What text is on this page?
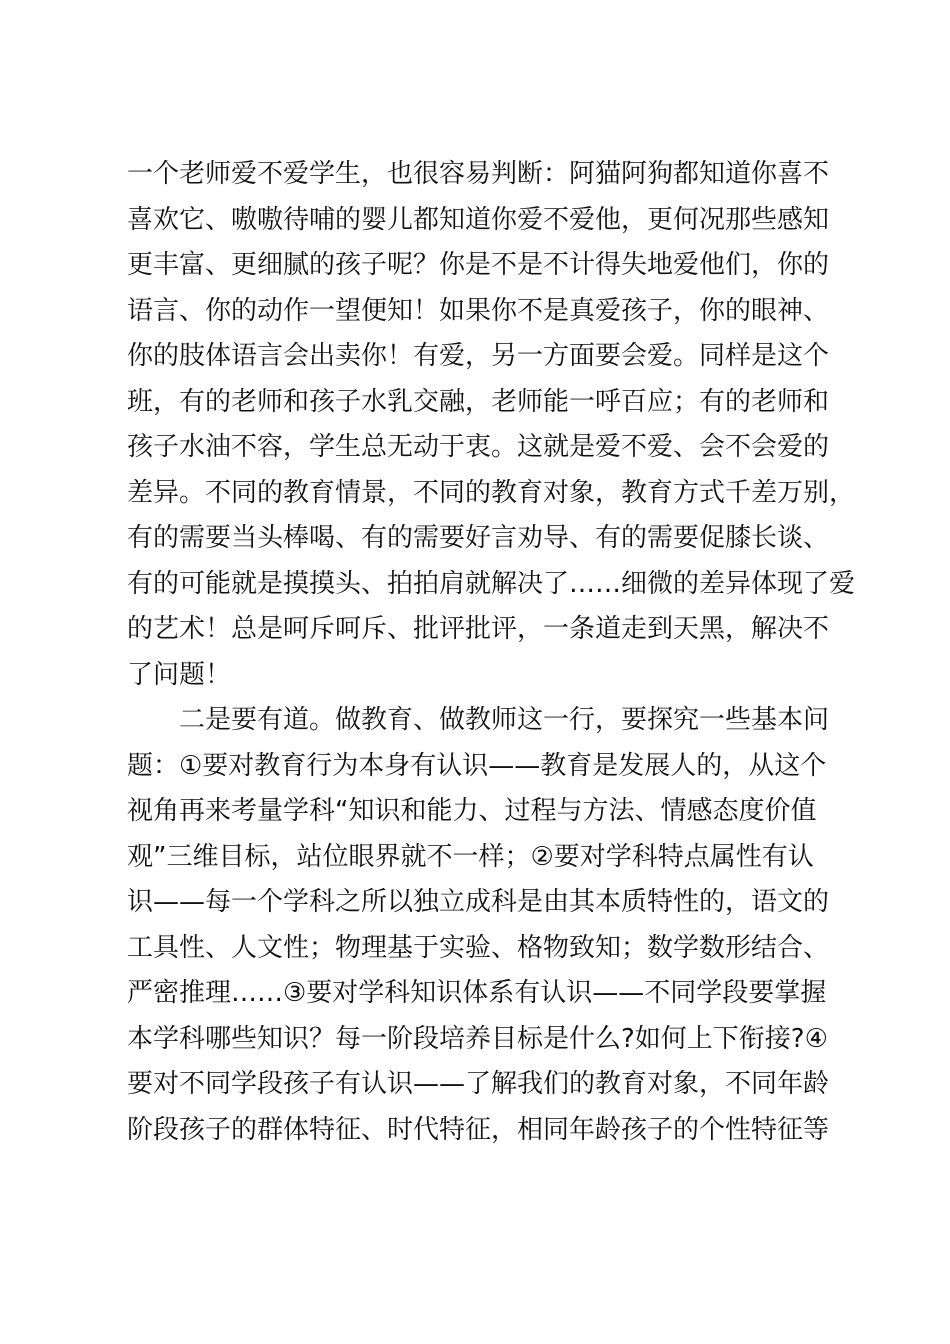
一个老师爱不爱学生，也很容易判断：阿猫阿狗都知道你喜不
喜欢它、嗷嗷待哺的婴儿都知道你爱不爱他，更何况那些感知
更丰富、更细腻的孩子呢？你是不是不计得失地爱他们，你的
语言、你的动作一望便知！如果你不是真爱孩子，你的眼神、
你的肢体语言会出卖你！有爱，另一方面要会爱。同样是这个
班，有的老师和孩子水乳交融，老师能一呼百应；有的老师和
孩子水油不容，学生总无动于衷。这就是爱不爱、会不会爱的
差异。不同的教育情景，不同的教育对象，教育方式千差万别，
有的需要当头棒喝、有的需要好言劝导、有的需要促膝长谈、
有的可能就是摸摸头、拍拍肩就解决了……细微的差异体现了爱
的艺术！总是呵斥呵斥、批评批评，一条道走到天黑，解决不
了问题！
二是要有道。做教育、做教师这一行，要探究一些基本问
题：①要对教育行为本身有认识——教育是发展人的，从这个
视角再来考量学科“知识和能力、过程与方法、情感态度价值
观”三维目标，站位眼界就不一样；②要对学科特点属性有认
识——每一个学科之所以独立成科是由其本质特性的，语文的
工具性、人文性；物理基于实验、格物致知；数学数形结合、
严密推理……③要对学科知识体系有认识——不同学段要掌握
本学科哪些知识？每一阶段培养目标是什么?如何上下衔接?④
要对不同学段孩子有认识——了解我们的教育对象，不同年龄
阶段孩子的群体特征、时代特征，相同年龄孩子的个性特征等
